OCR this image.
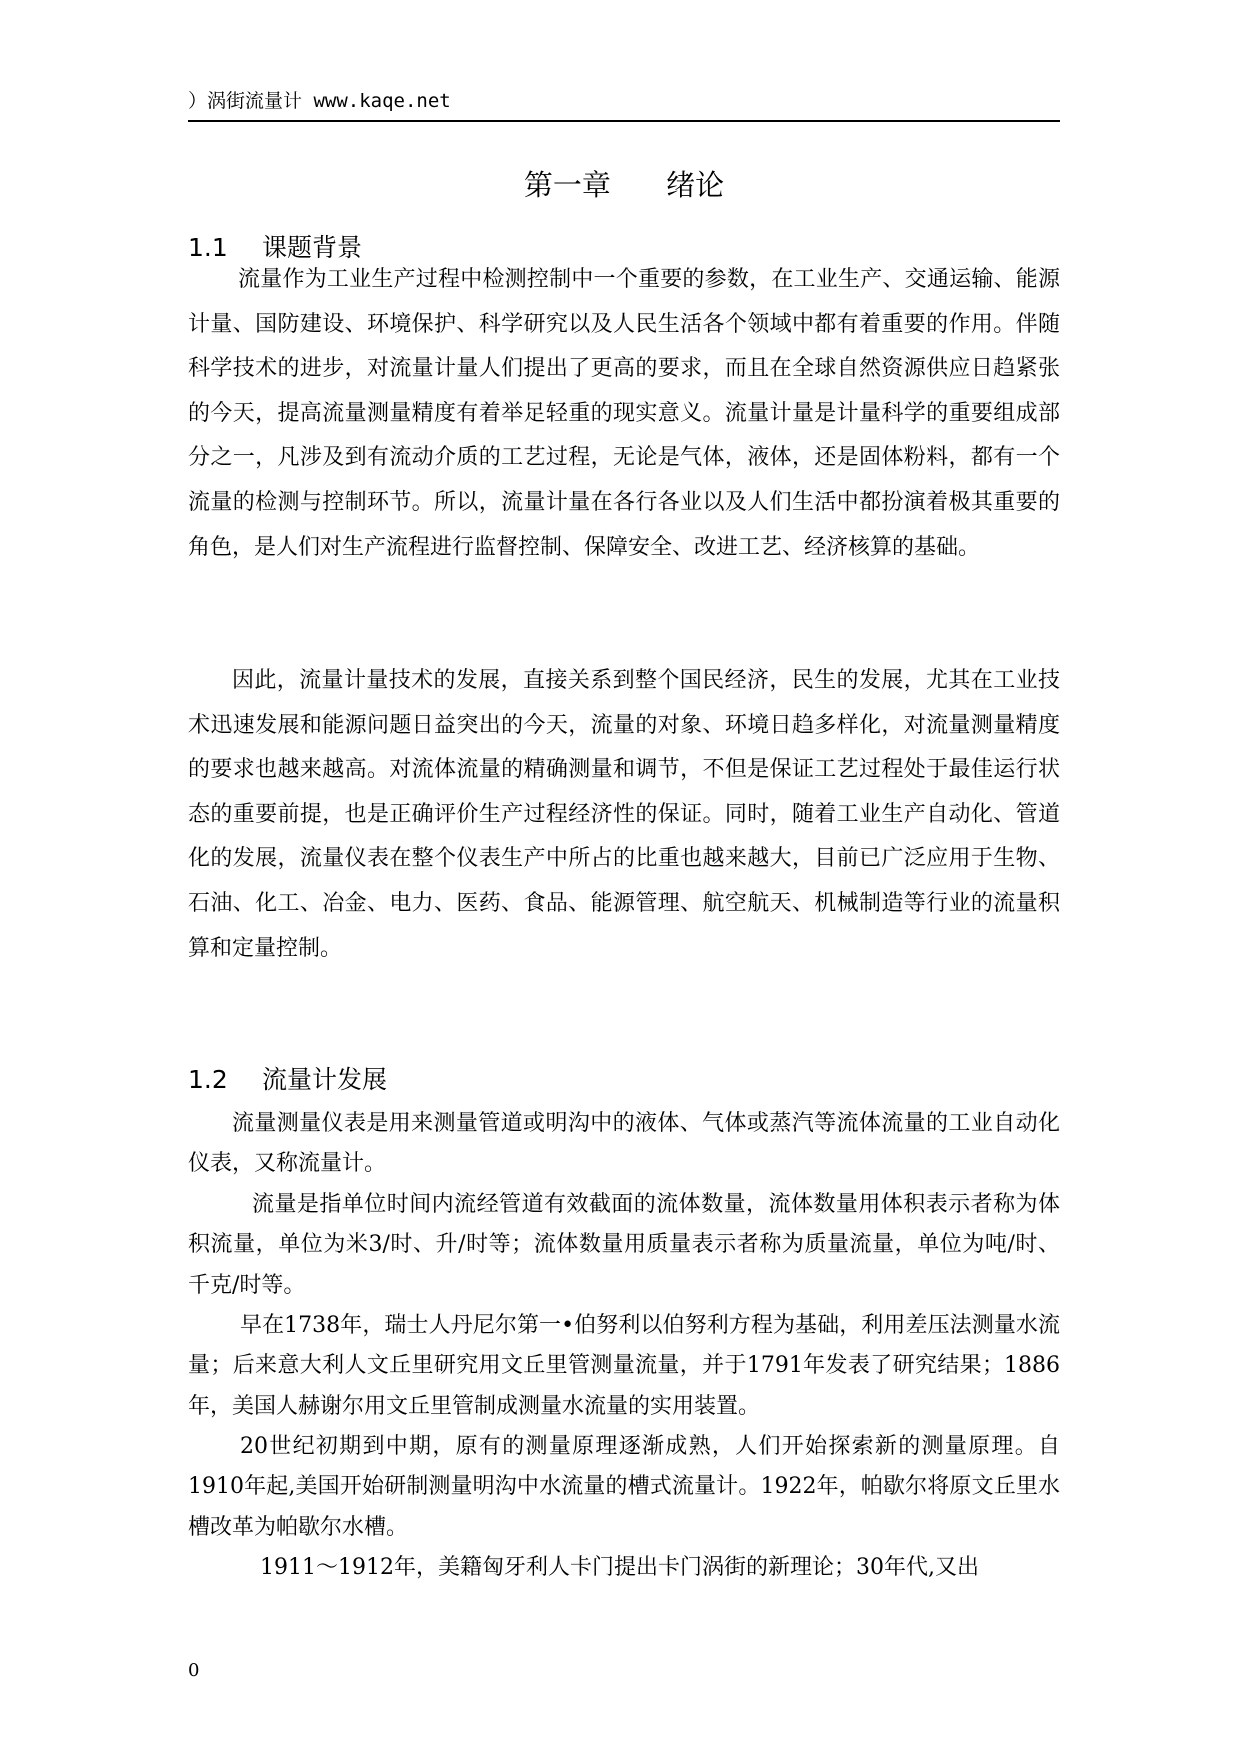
）涡街流量计 www.kaqe.net
第一章      绪论
1.1 课题背景

流量作为工业生产过程中检测控制中一个重要的参数，在工业生产、交通运输、能源计量、国防建设、环境保护、科学研究以及人民生活各个领域中都有着重要的作用。伴随科学技术的进步，对流量计量人们提出了更高的要求，而且在全球自然资源供应日趋紧张的今天，提高流量测量精度有着举足轻重的现实意义。流量计量是计量科学的重要组成部分之一，凡涉及到有流动介质的工艺过程，无论是气体，液体，还是固体粉料，都有一个流量的检测与控制环节。所以，流量计量在各行各业以及人们生活中都扮演着极其重要的角色，是人们对生产流程进行监督控制、保障安全、改进工艺、经济核算的基础。

因此，流量计量技术的发展，直接关系到整个国民经济，民生的发展，尤其在工业技术迅速发展和能源问题日益突出的今天，流量的对象、环境日趋多样化，对流量测量精度的要求也越来越高。对流体流量的精确测量和调节，不但是保证工艺过程处于最佳运行状态的重要前提，也是正确评价生产过程经济性的保证。同时，随着工业生产自动化、管道化的发展，流量仪表在整个仪表生产中所占的比重也越来越大，目前已广泛应用于生物、石油、化工、冶金、电力、医药、食品、能源管理、航空航天、机械制造等行业的流量积算和定量控制。

1.2 流量计发展

流量测量仪表是用来测量管道或明沟中的液体、气体或蒸汽等流体流量的工业自动化仪表，又称流量计。

流量是指单位时间内流经管道有效截面的流体数量，流体数量用体积表示者称为体积流量，单位为米3/时、升/时等；流体数量用质量表示者称为质量流量，单位为吨/时、千克/时等。

早在1738年，瑞士人丹尼尔第一•伯努利以伯努利方程为基础，利用差压法测量水流量；后来意大利人文丘里研究用文丘里管测量流量，并于1791年发表了研究结果；1886年，美国人赫谢尔用文丘里管制成测量水流量的实用装置。

20世纪初期到中期，原有的测量原理逐渐成熟，人们开始探索新的测量原理。自1910年起,美国开始研制测量明沟中水流量的槽式流量计。1922年，帕歇尔将原文丘里水槽改革为帕歇尔水槽。

1911～1912年，美籍匈牙利人卡门提出卡门涡街的新理论；30年代,又出

0
